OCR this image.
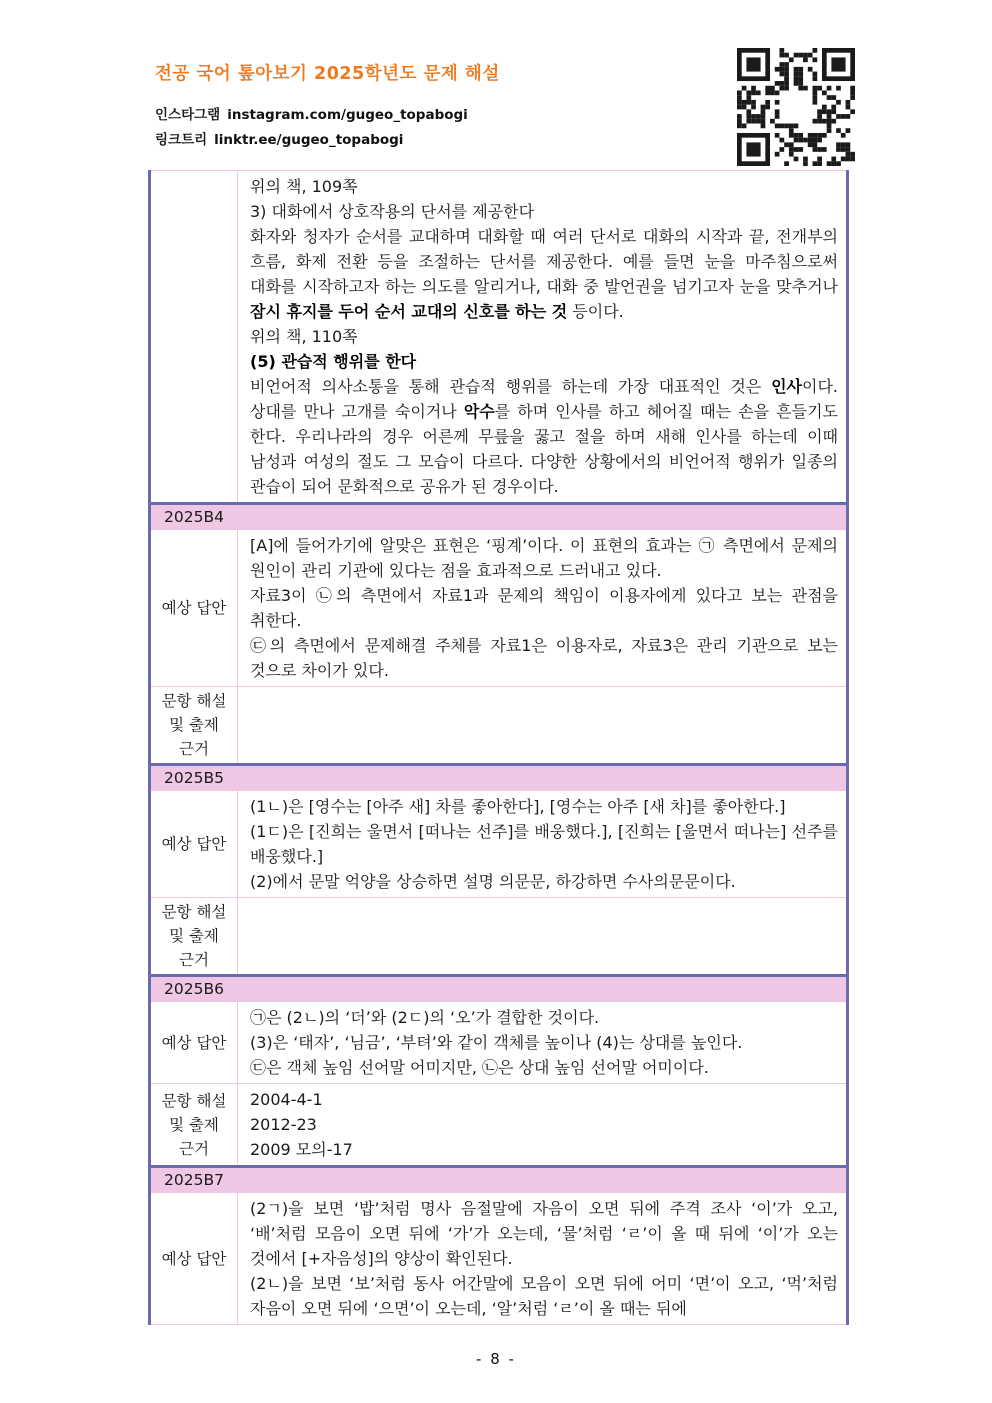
전공 국어 톺아보기 2025학년도 문제 해설
인스타그램 instagram.com/gugeo_topabogi
링크트리 linktr.ee/gugeo_topabogi

위의 책, 109쪽
3) 대화에서 상호작용의 단서를 제공한다
화자와 청자가 순서를 교대하며 대화할 때 여러 단서로 대화의 시작과 끝, 전개부의 흐름, 화제 전환 등을 조절하는 단서를 제공한다. 예를 들면 눈을 마주침으로써 대화를 시작하고자 하는 의도를 알리거나, 대화 중 발언권을 넘기고자 눈을 맞추거나 잠시 휴지를 두어 순서 교대의 신호를 하는 것 등이다.
위의 책, 110쪽
(5) 관습적 행위를 한다
비언어적 의사소통을 통해 관습적 행위를 하는데 가장 대표적인 것은 인사이다. 상대를 만나 고개를 숙이거나 악수를 하며 인사를 하고 헤어질 때는 손을 흔들기도 한다. 우리나라의 경우 어른께 무릎을 꿇고 절을 하며 새해 인사를 하는데 이때 남성과 여성의 절도 그 모습이 다르다. 다양한 상황에서의 비언어적 행위가 일종의 관습이 되어 문화적으로 공유가 된 경우이다.

2025B4	
예상 답안	[A]에 들어가기에 알맞은 표현은 ‘핑계’이다. 이 표현의 효과는 ㉠ 측면에서 문제의 원인이 관리 기관에 있다는 점을 효과적으로 드러내고 있다.
자료3이 ㉡의 측면에서 자료1과 문제의 책임이 이용자에게 있다고 보는 관점을 취한다.
㉢의 측면에서 문제해결 주체를 자료1은 이용자로, 자료3은 관리 기관으로 보는 것으로 차이가 있다.

문항 해설 및 출제 근거	
2025B5	
예상 답안	(1ㄴ)은 [영수는 [아주 새] 차를 좋아한다], [영수는 아주 [새 차]를 좋아한다.]
(1ㄷ)은 [진희는 울면서 [떠나는 선주]를 배웅했다.], [진희는 [울면서 떠나는] 선주를 배웅했다.]
(2)에서 문말 억양을 상승하면 설명 의문문, 하강하면 수사의문문이다.

문항 해설 및 출제 근거	
2025B6	
예상 답안	㉠은 (2ㄴ)의 ‘더’와 (2ㄷ)의 ‘오’가 결합한 것이다.
(3)은 ‘태자’, ‘님금’, ‘부텨’와 같이 객체를 높이나 (4)는 상대를 높인다.
㉢은 객체 높임 선어말 어미지만, ㉡은 상대 높임 선어말 어미이다.

문항 해설 및 출제 근거	2004-4-1
2012-23
2009 모의-17

2025B7	
예상 답안	(2ㄱ)을 보면 ‘밥’처럼 명사 음절말에 자음이 오면 뒤에 주격 조사 ‘이’가 오고, ‘배’처럼 모음이 오면 뒤에 ‘가’가 오는데, ‘물’처럼 ‘ㄹ’이 올 때 뒤에 ‘이’가 오는 것에서 [+자음성]의 양상이 확인된다.
(2ㄴ)을 보면 ‘보’처럼 동사 어간말에 모음이 오면 뒤에 어미 ‘면’이 오고, ‘먹’처럼 자음이 오면 뒤에 ‘으면’이 오는데, ‘알’처럼 ‘ㄹ’이 올 때는 뒤에
- 8 -
